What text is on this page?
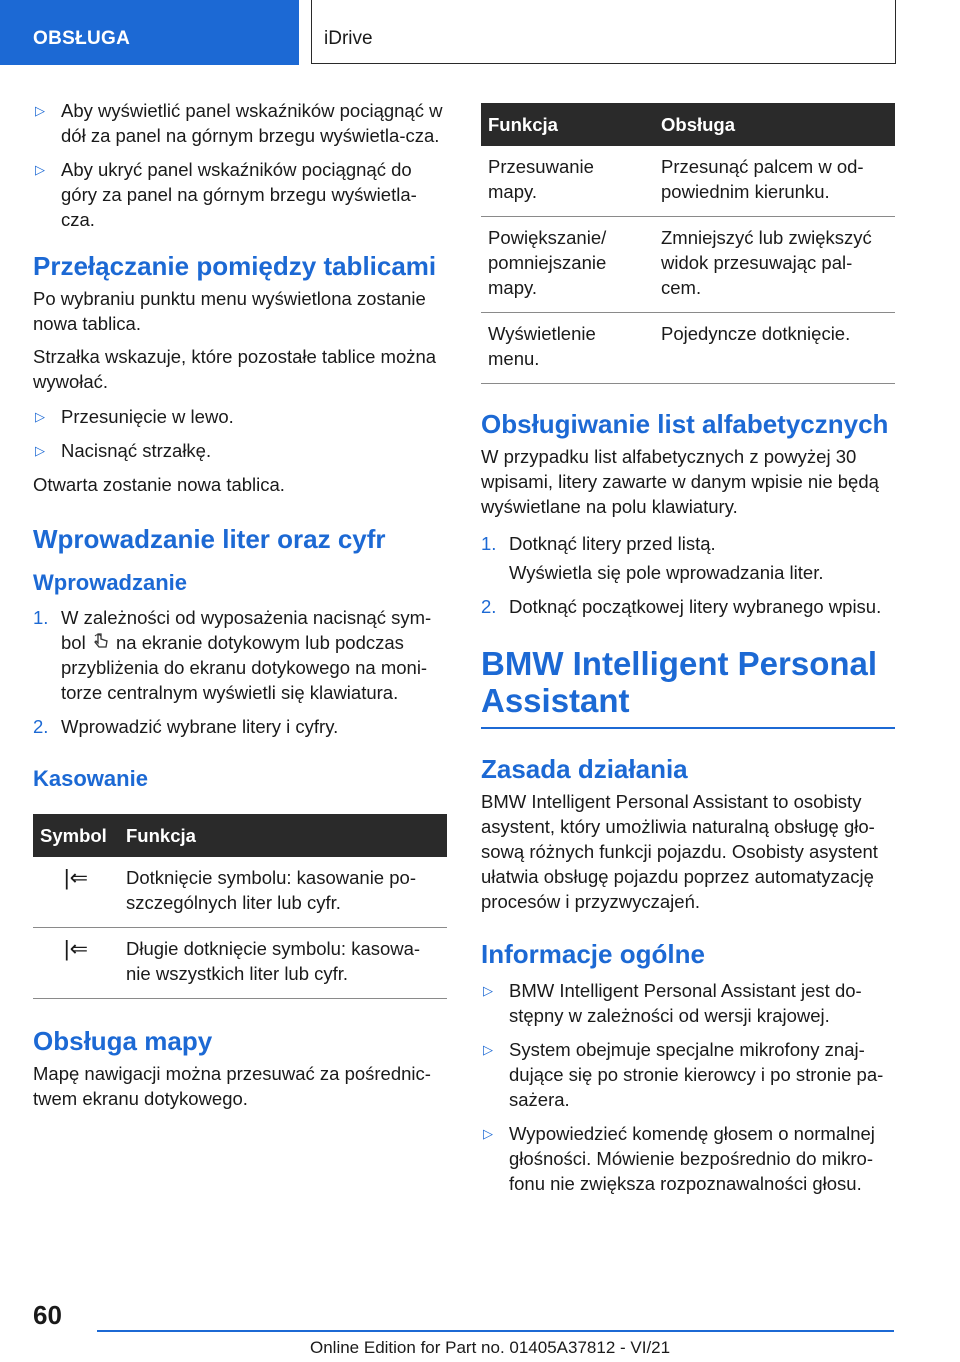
OBSŁUGA	iDrive
▷ Aby wyświetlić panel wskaźników pociągnąć w dół za panel na górnym brzegu wyświetla-cza.
▷ Aby ukryć panel wskaźników pociągnąć do góry za panel na górnym brzegu wyświetla-cza.
Przełączanie pomiędzy tablicami

Po wybraniu punktu menu wyświetlona zostanie nowa tablica.

Strzałka wskazuje, które pozostałe tablice można wywołać.

▷ Przesunięcie w lewo.
▷ Nacisnąć strzałkę.

Otwarta zostanie nowa tablica.

Wprowadzanie liter oraz cyfr
Wprowadzanie
1. W zależności od wyposażenia nacisnąć sym-bol na ekranie dotykowym lub podczas przybliżenia do ekranu dotykowego na moni-torze centralnym wyświetli się klawiatura.
2. Wprowadzić wybrane litery i cyfry.
Kasowanie
Symbol	Funkcja
|⇐	Dotknięcie symbolu: kasowanie po-szczególnych liter lub cyfr.
|⇐	Długie dotknięcie symbolu: kasowa-nie wszystkich liter lub cyfr.
Obsługa mapy

Mapę nawigacji można przesuwać za pośrednic-twem ekranu dotykowego.

Funkcja	Obsługa
Przesuwanie mapy.	Przesunąć palcem w od-powiednim kierunku.
Powiększanie/ pomniejszanie mapy.	Zmniejszyć lub zwiększyć widok przesuwając pal-cem.
Wyświetlenie menu.	Pojedyncze dotknięcie.
Obsługiwanie list alfabetycznych

W przypadku list alfabetycznych z powyżej 30 wpisami, litery zawarte w danym wpisie nie będą wyświetlane na polu klawiatury.

1. Dotknąć litery przed listą.

Wyświetla się pole wprowadzania liter.

2. Dotknąć początkowej litery wybranego wpisu.
BMW Intelligent Personal Assistant
Zasada działania

BMW Intelligent Personal Assistant to osobisty asystent, który umożliwia naturalną obsługę gło-sową różnych funkcji pojazdu. Osobisty asystent ułatwia obsługę pojazdu poprzez automatyzację procesów i przyzwyczajeń.

Informacje ogólne
▷ BMW Intelligent Personal Assistant jest do-stępny w zależności od wersji krajowej.
▷ System obejmuje specjalne mikrofony znaj-dujące się po stronie kierowcy i po stronie pa-sażera.
▷ Wypowiedzieć komendę głosem o normalnej głośności. Mówienie bezpośrednio do mikro-fonu nie zwiększa rozpoznawalności głosu.
60
Online Edition for Part no. 01405A37812 - VI/21
